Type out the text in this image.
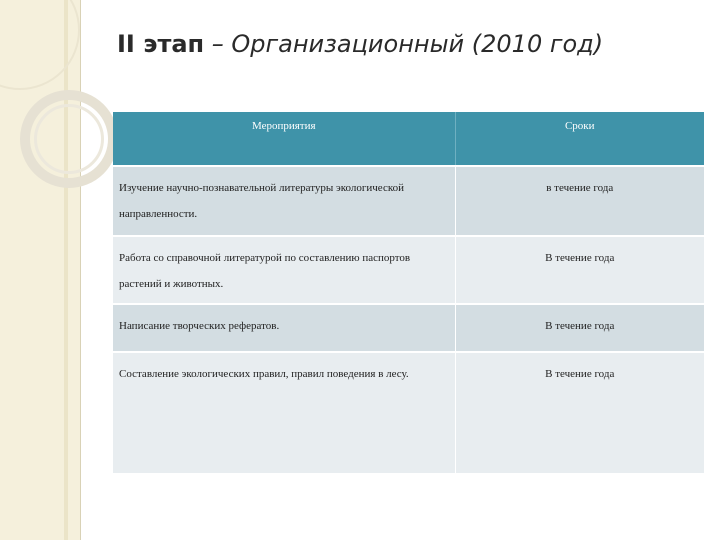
II этап – Организационный (2010 год)
Мероприятия	Сроки
Изучение научно-познавательной литературы экологической направленности.	в течение года
Работа со справочной литературой по составлению паспортов растений и животных.	В течение года
Написание творческих рефератов.	В течение года
Составление экологических правил, правил поведения в лесу.	В течение года
